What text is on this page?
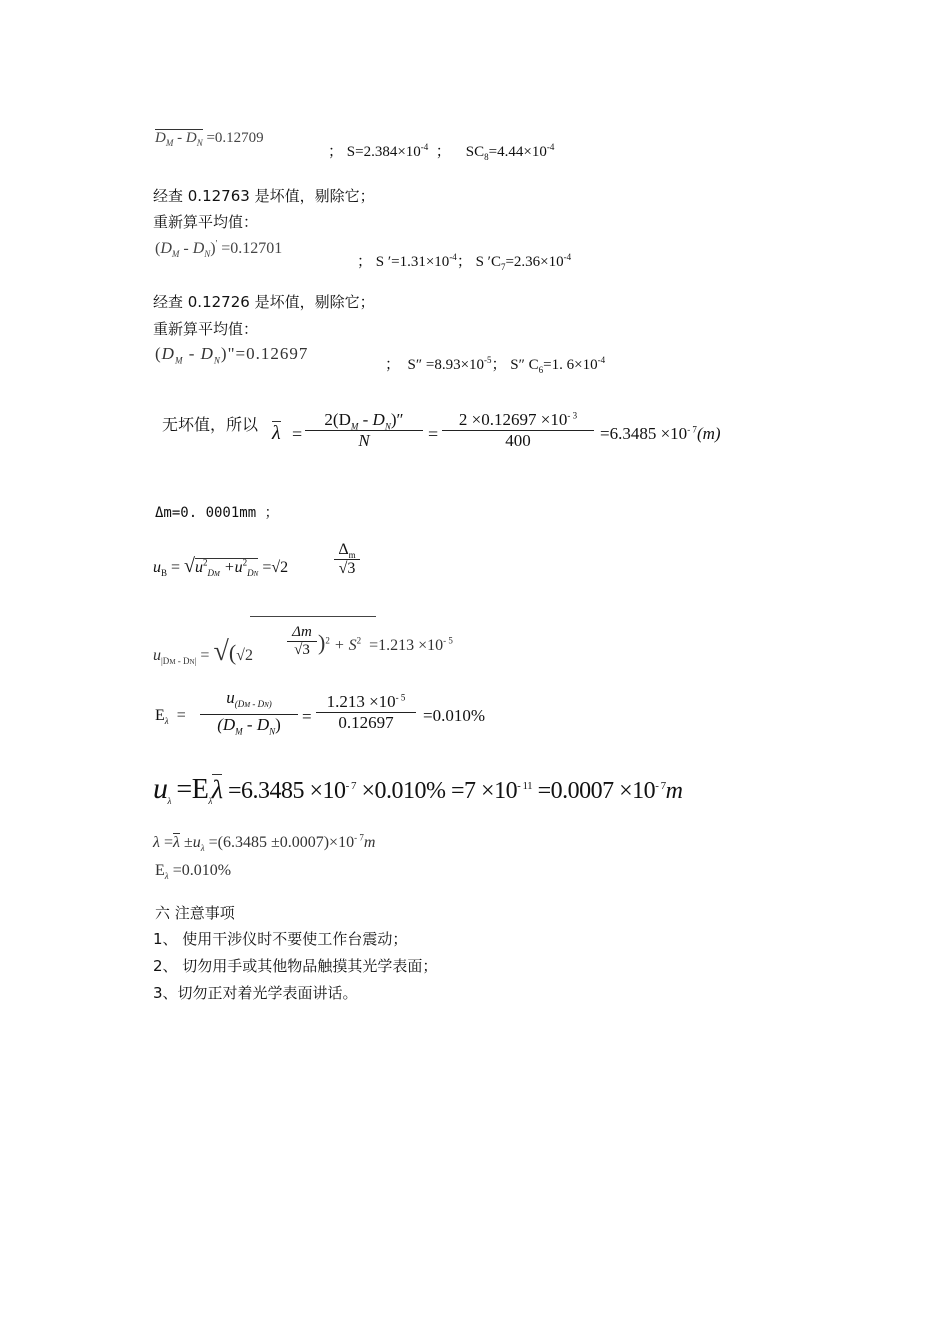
$D_M - D_N =0.12709$
； $S=2.384\times 10^{-4}$ ； $SC_8=4.44\times 10^{-4}$
经查 0.12763 是坏值，剔除它；
重新算平均值：
$(D_M - D_N)' =0.12701$
； S $'=1.31\times 10^{-4}$； S $'C_7=2.36\times 10^{-4}$
经查 0.12726 是坏值，剔除它；
重新算平均值：
($D_M$ - $D_N)"=0.12697$
； $S'' =8.93\times 10^{-5}$； S″ $C_6=1$. $6\times 10^{-4}$
无坏值，所以 λ =
$2(D_M - D_N)''$
N	=
$2 \times 0.12697 \times 10^{- 3}$
400	$=6.3485 \times 10^{- 7}(m)$
Δm=0. 0001mm ；
$u_B = √u^2_{DM} +u^2_{DN} =√2$
$\Delta_m$
√3
$u_{|DM - DN|} = √(√2$
Δm
√3 )$^2 + S^2 =1.213 \times 10^{- 5}$
$E_\lambda$ =
$u_{(DM - DN)}$
$(D_M - D_N)$	=
$1.213 \times 10^{- 5}$
0.12697	=0.010%
$u_\lambda =E_\lambda\lambda =6.3485 \times 10^{- 7} \times 0.010\% =7 \times 10^{- 11} =0.0007 \times 10^{- 7}m$
$\lambda =\lambda \pm u_\lambda =(6.3485 \pm 0.0007)\times 10^{- 7}m$
$E_\lambda =0.010\%$
六 注意事项
1、 使用干涉仪时不要使工作台震动；
2、 切勿用手或其他物品触摸其光学表面；
3、切勿正对着光学表面讲话。
